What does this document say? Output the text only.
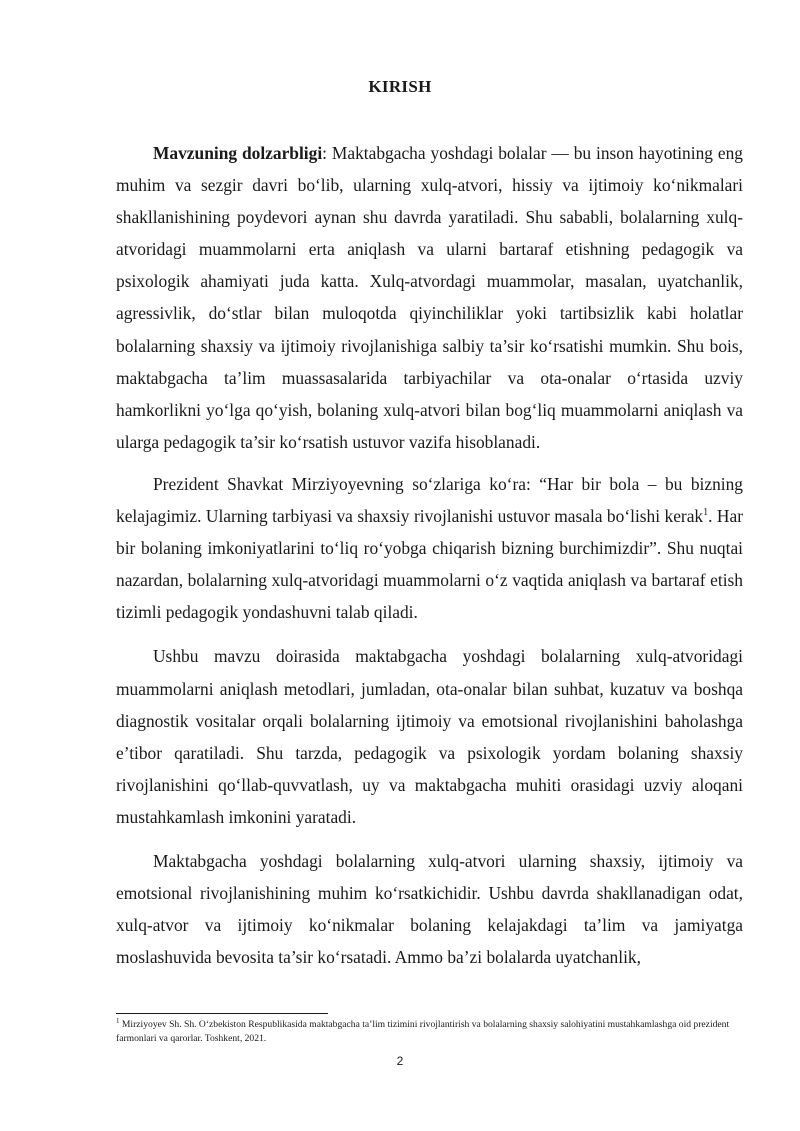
KIRISH

Mavzuning dolzarbligi: Maktabgacha yoshdagi bolalar — bu inson hayotining eng muhim va sezgir davri bo‘lib, ularning xulq-atvori, hissiy va ijtimoiy ko‘nikmalari shakllanishining poydevori aynan shu davrda yaratiladi. Shu sababli, bolalarning xulq-atvoridagi muammolarni erta aniqlash va ularni bartaraf etishning pedagogik va psixologik ahamiyati juda katta. Xulq-atvordagi muammolar, masalan, uyatchanlik, agressivlik, do‘stlar bilan muloqotda qiyinchiliklar yoki tartibsizlik kabi holatlar bolalarning shaxsiy va ijtimoiy rivojlanishiga salbiy ta’sir ko‘rsatishi mumkin. Shu bois, maktabgacha ta’lim muassasalarida tarbiyachilar va ota-onalar o‘rtasida uzviy hamkorlikni yo‘lga qo‘yish, bolaning xulq-atvori bilan bog‘liq muammolarni aniqlash va ularga pedagogik ta’sir ko‘rsatish ustuvor vazifa hisoblanadi.

Prezident Shavkat Mirziyoyevning so‘zlariga ko‘ra: “Har bir bola – bu bizning kelajagimiz. Ularning tarbiyasi va shaxsiy rivojlanishi ustuvor masala bo‘lishi kerak$^1$. Har bir bolaning imkoniyatlarini to‘liq ro‘yobga chiqarish bizning burchimizdir”. Shu nuqtai nazardan, bolalarning xulq-atvoridagi muammolarni o‘z vaqtida aniqlash va bartaraf etish tizimli pedagogik yondashuvni talab qiladi.

Ushbu mavzu doirasida maktabgacha yoshdagi bolalarning xulq-atvoridagi muammolarni aniqlash metodlari, jumladan, ota-onalar bilan suhbat, kuzatuv va boshqa diagnostik vositalar orqali bolalarning ijtimoiy va emotsional rivojlanishini baholashga e’tibor qaratiladi. Shu tarzda, pedagogik va psixologik yordam bolaning shaxsiy rivojlanishini qo‘llab-quvvatlash, uy va maktabgacha muhiti orasidagi uzviy aloqani mustahkamlash imkonini yaratadi.

Maktabgacha yoshdagi bolalarning xulq-atvori ularning shaxsiy, ijtimoiy va emotsional rivojlanishining muhim ko‘rsatkichidir. Ushbu davrda shakllanadigan odat, xulq-atvor va ijtimoiy ko‘nikmalar bolaning kelajakdagi ta’lim va jamiyatga moslashuvida bevosita ta’sir ko‘rsatadi. Ammo ba’zi bolalarda uyatchanlik,

$^1$ Mirziyoyev Sh. Sh. O‘zbekiston Respublikasida maktabgacha ta’lim tizimini rivojlantirish va bolalarning shaxsiy salohiyatini mustahkamlashga oid prezident farmonlari va qarorlar. Toshkent, 2021.
2
